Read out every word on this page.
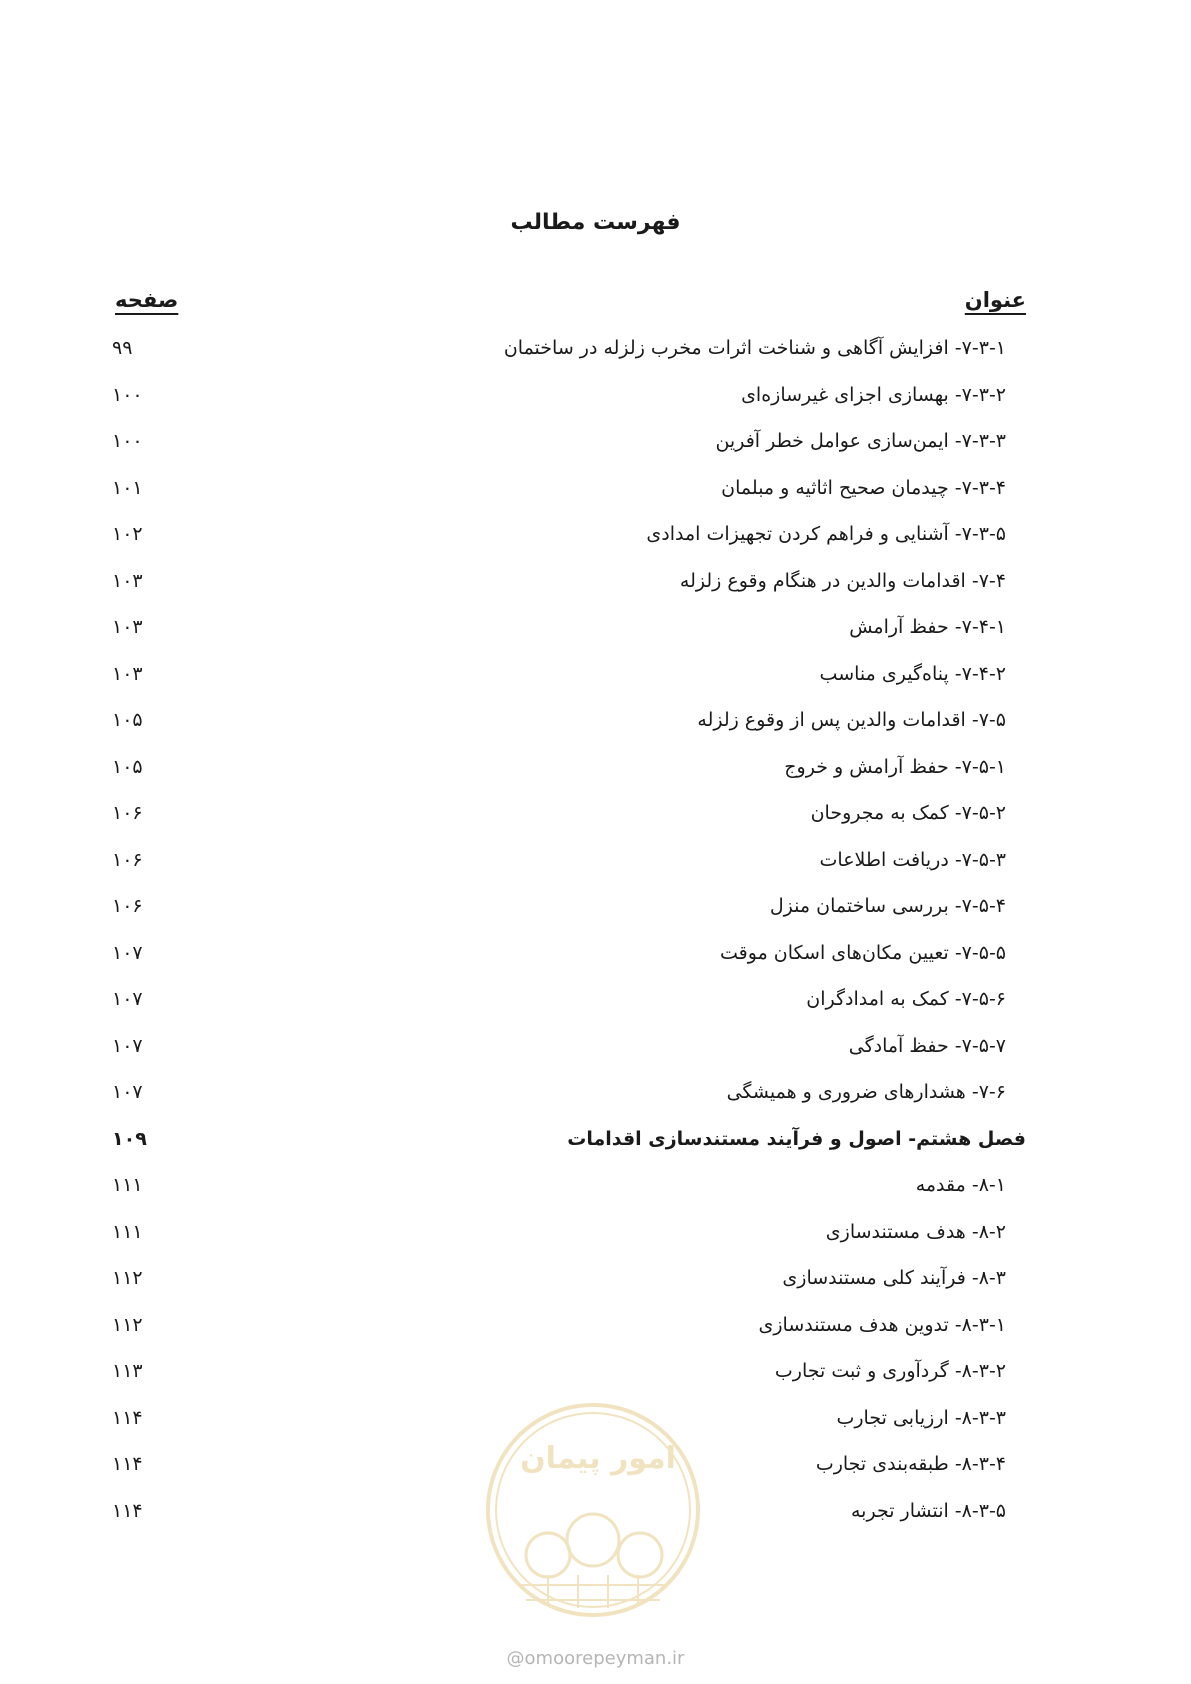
فهرست مطالب
عنوان
صفحه
۷-۳-۱- افزایش آگاهی و شناخت اثرات مخرب زلزله در ساختمان
۹۹
۷-۳-۲- بهسازی اجزای غیرسازه‌ای
۱۰۰
۷-۳-۳- ایمن‌سازی عوامل خطر آفرین
۱۰۰
۷-۳-۴- چیدمان صحیح اثاثیه و مبلمان
۱۰۱
۷-۳-۵- آشنایی و فراهم کردن تجهیزات امدادی
۱۰۲
۷-۴- اقدامات والدین در هنگام وقوع زلزله
۱۰۳
۷-۴-۱- حفظ آرامش
۱۰۳
۷-۴-۲- پناه‌گیری مناسب
۱۰۳
۷-۵- اقدامات والدین پس از وقوع زلزله
۱۰۵
۷-۵-۱- حفظ آرامش و خروج
۱۰۵
۷-۵-۲- کمک به مجروحان
۱۰۶
۷-۵-۳- دریافت اطلاعات
۱۰۶
۷-۵-۴- بررسی ساختمان منزل
۱۰۶
۷-۵-۵- تعیین مکان‌های اسکان موقت
۱۰۷
۷-۵-۶- کمک به امدادگران
۱۰۷
۷-۵-۷- حفظ آمادگی
۱۰۷
۷-۶- هشدارهای ضروری و همیشگی
۱۰۷
فصل هشتم- اصول و فرآیند مستندسازی اقدامات
۱۰۹
۸-۱- مقدمه
۱۱۱
۸-۲- هدف مستندسازی
۱۱۱
۸-۳- فرآیند کلی مستندسازی
۱۱۲
۸-۳-۱- تدوین هدف مستندسازی
۱۱۲
۸-۳-۲- گردآوری و ثبت تجارب
۱۱۳
۸-۳-۳- ارزیابی تجارب
۱۱۴
۸-۳-۴- طبقه‌بندی تجارب
۱۱۴
۸-۳-۵- انتشار تجربه
۱۱۴
امور پیمان
@omoorepeyman.ir
